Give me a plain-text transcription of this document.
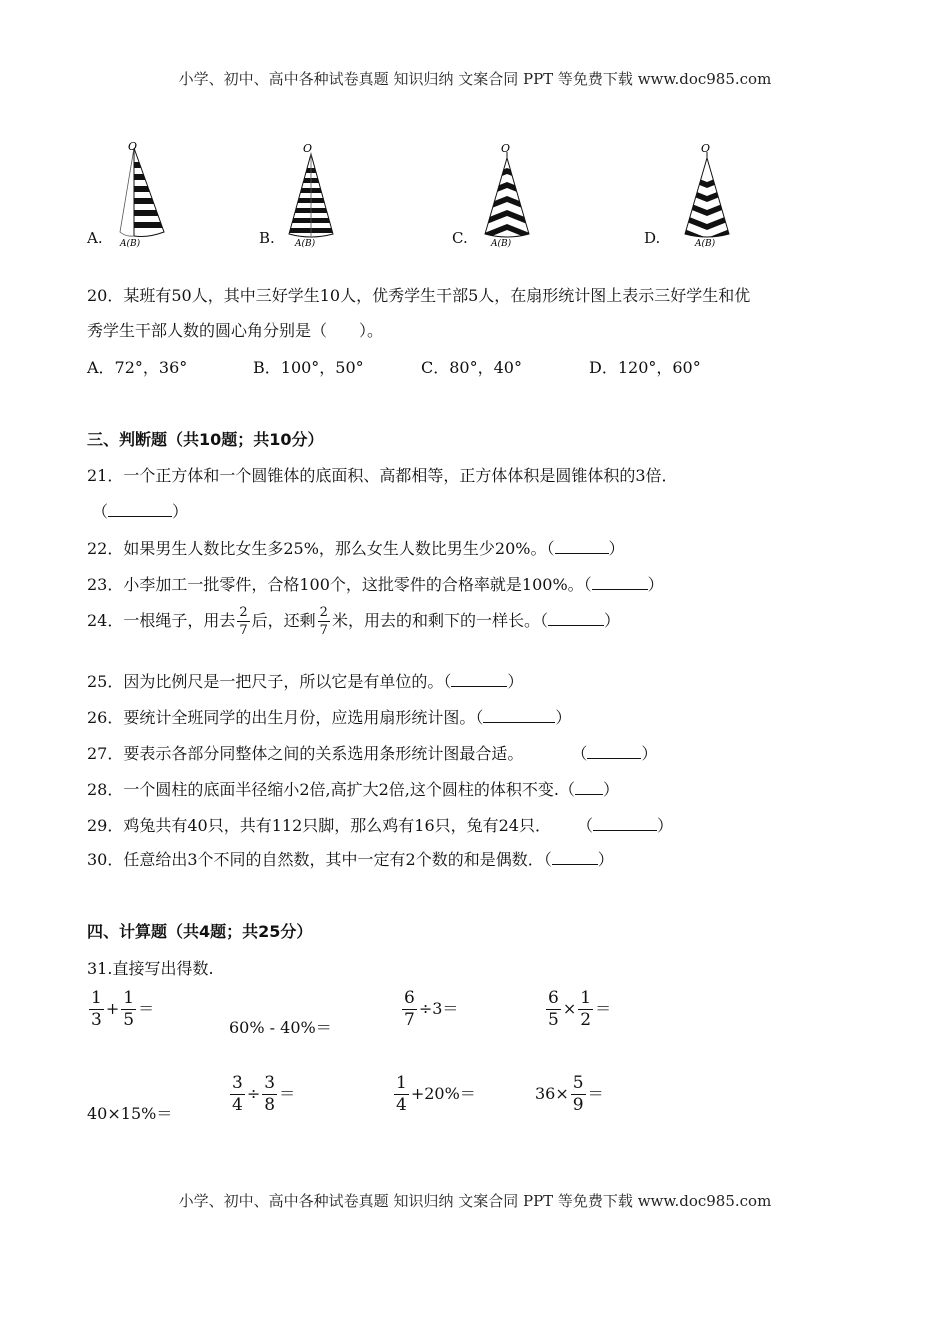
小学、初中、高中各种试卷真题 知识归纳 文案合同 PPT 等免费下载 www.doc985.com
A.
O
A(B)	B.
O
A(B)	C.
O
A(B)	D.
O
A(B)
20．某班有50人，其中三好学生10人，优秀学生干部5人，在扇形统计图上表示三好学生和优
秀学生干部人数的圆心角分别是（　　）。
A．72°，36°	B．100°，50°	C．80°，40°	D．120°，60°
三、判断题（共10题；共10分）
21．一个正方体和一个圆锥体的底面积、高都相等，正方体体积是圆锥体积的3倍．
（	）
22．如果男生人数比女生多25%，那么女生人数比男生少20%。（	）
23．小李加工一批零件，合格100个，这批零件的合格率就是100%。（	）
24．一根绳子，用去 $\frac{2}{7}$ 后，还剩 $\frac{2}{7}$ 米，用去的和剩下的一样长。（	）
25．因为比例尺是一把尺子，所以它是有单位的。（	）
26．要统计全班同学的出生月份，应选用扇形统计图。（	）
27．要表示各部分同整体之间的关系选用条形统计图最合适。	（	）
28．一个圆柱的底面半径缩小2倍,高扩大2倍,这个圆柱的体积不变.（ ）
29．鸡兔共有40只，共有112只脚，那么鸡有16只，兔有24只． （	）
30．任意给出3个不同的自然数，其中一定有2个数的和是偶数．（	）
四、计算题（共4题；共25分）
31.直接写出得数.
$\frac{1}{3} + \frac{1}{5}$ ＝
60% - 40%＝	$\frac{6}{7} \div 3=$	$\frac{6}{5} \times \frac{1}{2}$ ＝
40×15%＝	$\frac{3}{4} \div \frac{3}{8}$ ＝	$\frac{1}{4} +20\%=$	$36\times \frac{5}{9}$ ＝
小学、初中、高中各种试卷真题 知识归纳 文案合同 PPT 等免费下载 www.doc985.com
